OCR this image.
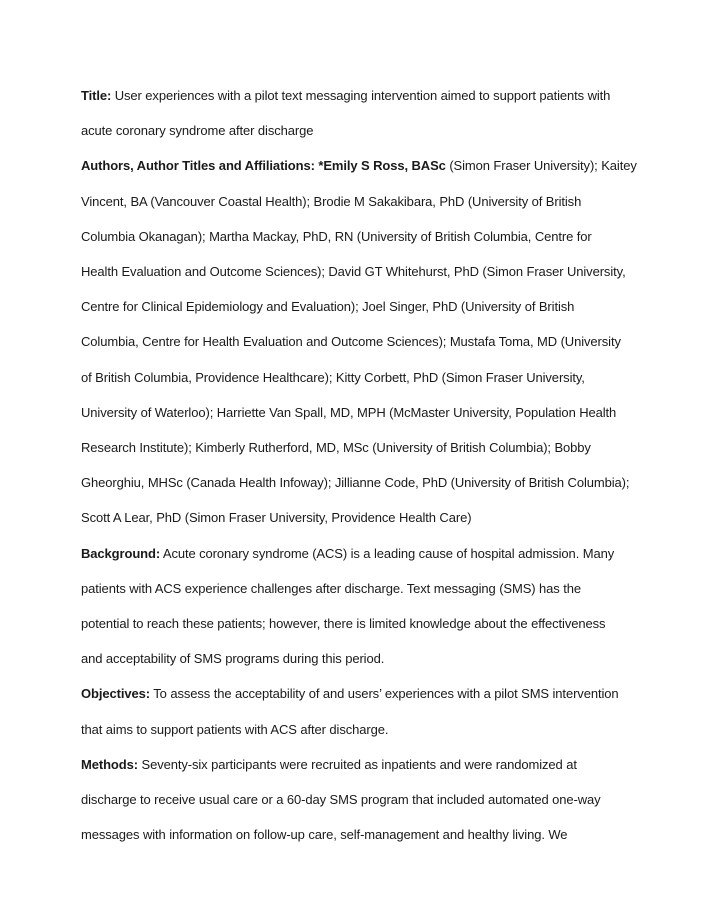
Title: User experiences with a pilot text messaging intervention aimed to support patients with
acute coronary syndrome after discharge
Authors, Author Titles and Affiliations: *Emily S Ross, BASc (Simon Fraser University); Kaitey
Vincent, BA (Vancouver Coastal Health); Brodie M Sakakibara, PhD (University of British
Columbia Okanagan); Martha Mackay, PhD, RN (University of British Columbia, Centre for
Health Evaluation and Outcome Sciences); David GT Whitehurst, PhD (Simon Fraser University,
Centre for Clinical Epidemiology and Evaluation); Joel Singer, PhD (University of British
Columbia, Centre for Health Evaluation and Outcome Sciences); Mustafa Toma, MD (University
of British Columbia, Providence Healthcare); Kitty Corbett, PhD (Simon Fraser University,
University of Waterloo); Harriette Van Spall, MD, MPH (McMaster University, Population Health
Research Institute); Kimberly Rutherford, MD, MSc (University of British Columbia); Bobby
Gheorghiu, MHSc (Canada Health Infoway); Jillianne Code, PhD (University of British Columbia);
Scott A Lear, PhD (Simon Fraser University, Providence Health Care)
Background: Acute coronary syndrome (ACS) is a leading cause of hospital admission. Many
patients with ACS experience challenges after discharge. Text messaging (SMS) has the
potential to reach these patients; however, there is limited knowledge about the effectiveness
and acceptability of SMS programs during this period.
Objectives: To assess the acceptability of and users’ experiences with a pilot SMS intervention
that aims to support patients with ACS after discharge.
Methods: Seventy-six participants were recruited as inpatients and were randomized at
discharge to receive usual care or a 60-day SMS program that included automated one-way
messages with information on follow-up care, self-management and healthy living. We
